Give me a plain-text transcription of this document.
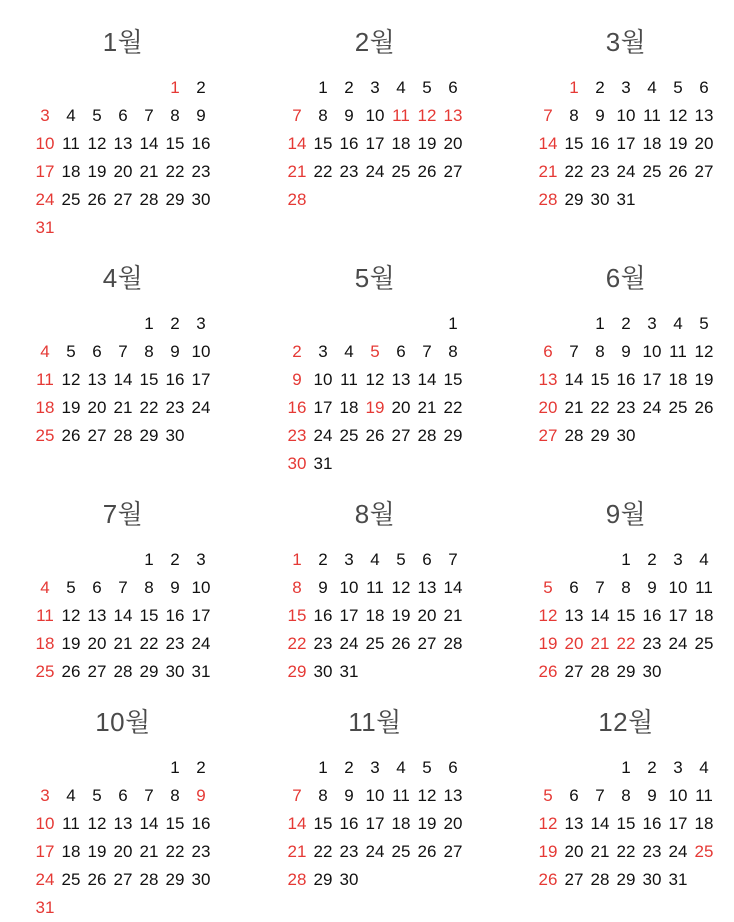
1월
1 2
3 4 5 6 7 8 9
10 11 12 13 14 15 16
17 18 19 20 21 22 23
24 25 26 27 28 29 30
31
2월
1 2 3 4 5 6
7 8 9 10 11 12 13
14 15 16 17 18 19 20
21 22 23 24 25 26 27
28
3월
1 2 3 4 5 6
7 8 9 10 11 12 13
14 15 16 17 18 19 20
21 22 23 24 25 26 27
28 29 30 31
4월
1 2 3
4 5 6 7 8 9 10
11 12 13 14 15 16 17
18 19 20 21 22 23 24
25 26 27 28 29 30
5월
1
2 3 4 5 6 7 8
9 10 11 12 13 14 15
16 17 18 19 20 21 22
23 24 25 26 27 28 29
30 31
6월
1 2 3 4 5
6 7 8 9 10 11 12
13 14 15 16 17 18 19
20 21 22 23 24 25 26
27 28 29 30
7월
1 2 3
4 5 6 7 8 9 10
11 12 13 14 15 16 17
18 19 20 21 22 23 24
25 26 27 28 29 30 31
8월
1 2 3 4 5 6 7
8 9 10 11 12 13 14
15 16 17 18 19 20 21
22 23 24 25 26 27 28
29 30 31
9월
1 2 3 4
5 6 7 8 9 10 11
12 13 14 15 16 17 18
19 20 21 22 23 24 25
26 27 28 29 30
10월
1 2
3 4 5 6 7 8 9
10 11 12 13 14 15 16
17 18 19 20 21 22 23
24 25 26 27 28 29 30
31
11월
1 2 3 4 5 6
7 8 9 10 11 12 13
14 15 16 17 18 19 20
21 22 23 24 25 26 27
28 29 30
12월
1 2 3 4
5 6 7 8 9 10 11
12 13 14 15 16 17 18
19 20 21 22 23 24 25
26 27 28 29 30 31
